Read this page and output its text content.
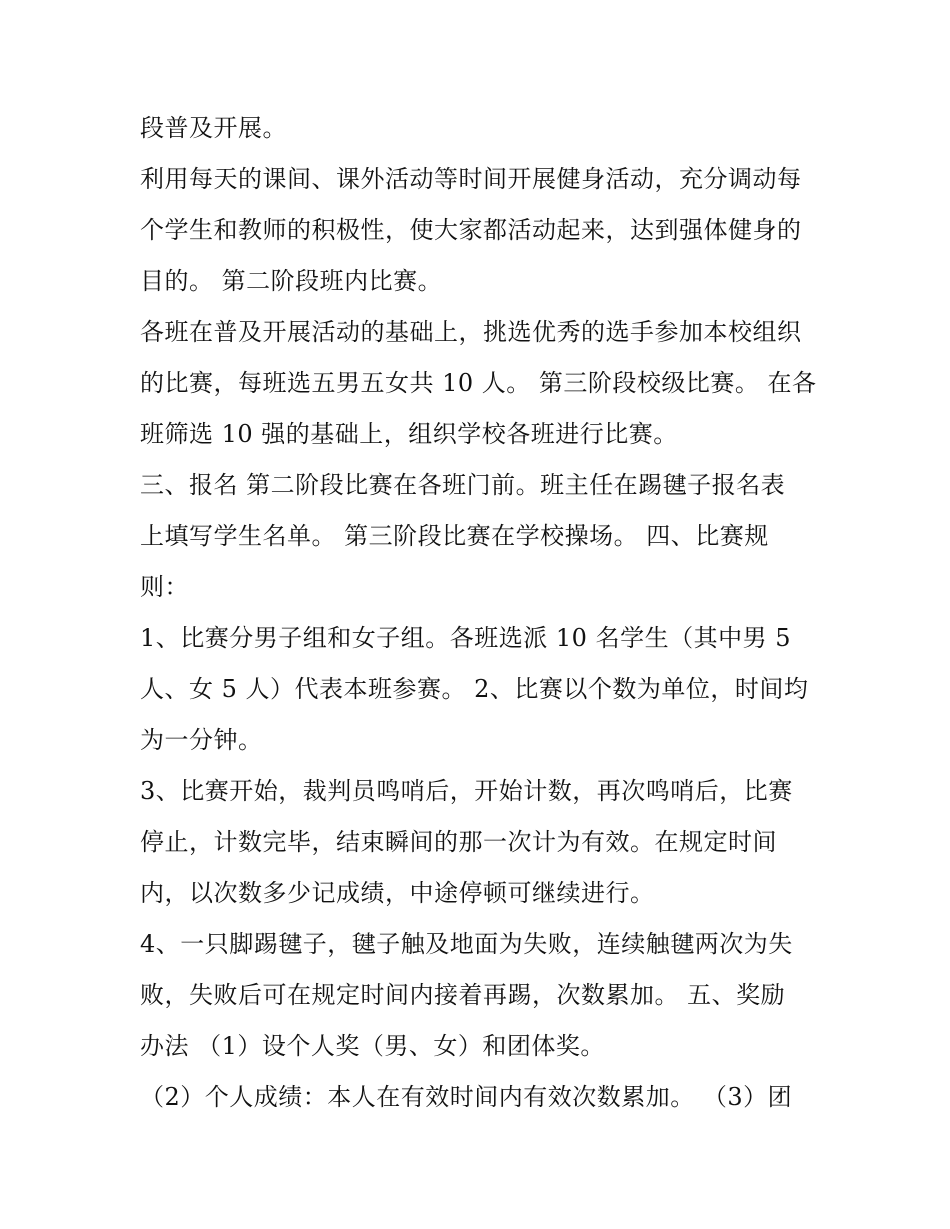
段普及开展。
利用每天的课间、课外活动等时间开展健身活动，充分调动每
个学生和教师的积极性，使大家都活动起来，达到强体健身的
目的。 第二阶段班内比赛。
各班在普及开展活动的基础上，挑选优秀的选手参加本校组织
的比赛，每班选五男五女共 10 人。 第三阶段校级比赛。 在各
班筛选 10 强的基础上，组织学校各班进行比赛。
三、报名 第二阶段比赛在各班门前。班主任在踢毽子报名表
上填写学生名单。 第三阶段比赛在学校操场。 四、比赛规
则：
1、比赛分男子组和女子组。各班选派 10 名学生（其中男 5
人、女 5 人）代表本班参赛。 2、比赛以个数为单位，时间均
为一分钟。
3、比赛开始，裁判员鸣哨后，开始计数，再次鸣哨后，比赛
停止，计数完毕，结束瞬间的那一次计为有效。在规定时间
内，以次数多少记成绩，中途停顿可继续进行。
4、一只脚踢毽子，毽子触及地面为失败，连续触毽两次为失
败，失败后可在规定时间内接着再踢，次数累加。 五、奖励
办法 （1）设个人奖（男、女）和团体奖。
（2）个人成绩：本人在有效时间内有效次数累加。 （3）团
